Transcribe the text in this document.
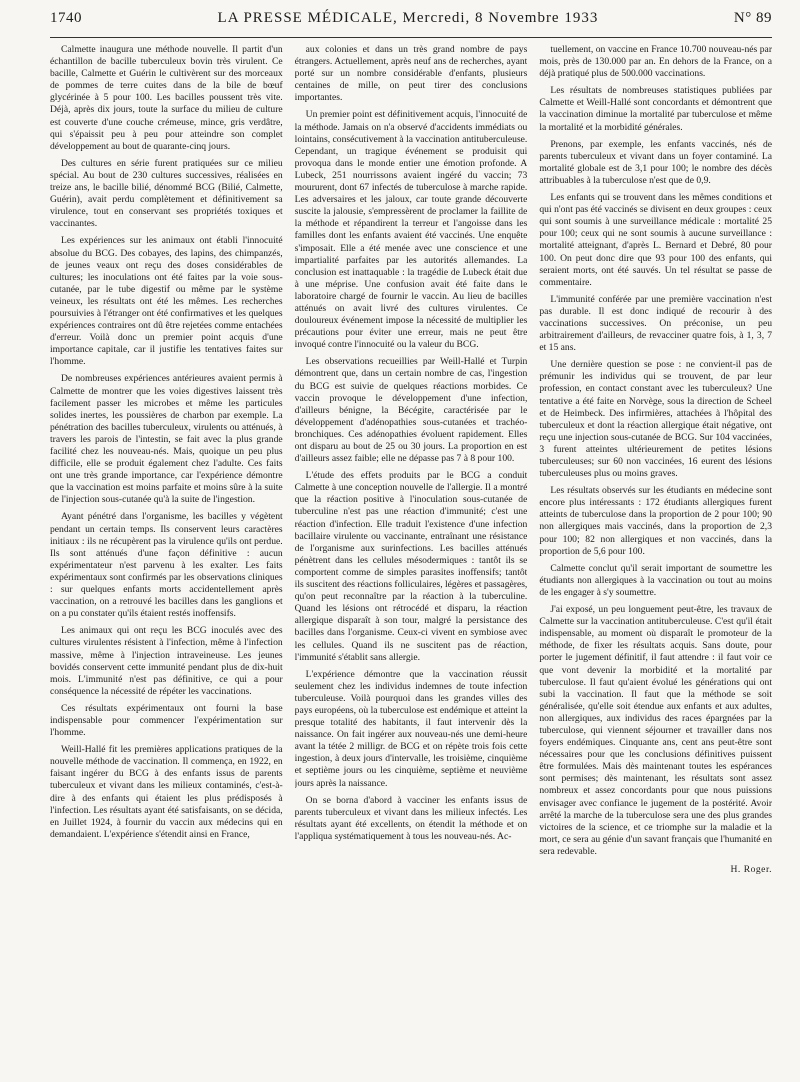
1740	LA PRESSE MÉDICALE, Mercredi, 8 Novembre 1933	N° 89

Calmette inaugura une méthode nouvelle. Il partit d'un échantillon de bacille tuberculeux bovin très virulent. Ce bacille, Calmette et Guérin le cultivèrent sur des morceaux de pommes de terre cuites dans de la bile de bœuf glycérinée à 5 pour 100. Les bacilles poussent très vite. Déjà, après dix jours, toute la surface du milieu de culture est couverte d'une couche crémeuse, mince, gris verdâtre, qui s'épaissit peu à peu pour atteindre son complet développement au bout de quarante-cinq jours.

Des cultures en série furent pratiquées sur ce milieu spécial. Au bout de 230 cultures successives, réalisées en treize ans, le bacille bilié, dénommé BCG (Bilié, Calmette, Guérin), avait perdu complètement et définitivement sa virulence, tout en conservant ses propriétés toxiques et vaccinantes.

Les expériences sur les animaux ont établi l'innocuité absolue du BCG. Des cobayes, des lapins, des chimpanzés, de jeunes veaux ont reçu des doses considérables de cultures; les inoculations ont été faites par la voie sous-cutanée, par le tube digestif ou même par le système veineux, les résultats ont été les mêmes. Les recherches poursuivies à l'étranger ont été confirmatives et les quelques expériences contraires ont dû être rejetées comme entachées d'erreur. Voilà donc un premier point acquis d'une importance capitale, car il justifie les tentatives faites sur l'homme.

De nombreuses expériences antérieures avaient permis à Calmette de montrer que les voies digestives laissent très facilement passer les microbes et même les particules solides inertes, les poussières de charbon par exemple. La pénétration des bacilles tuberculeux, virulents ou atténués, à travers les parois de l'intestin, se fait avec la plus grande facilité chez les nouveau-nés. Mais, quoique un peu plus difficile, elle se produit également chez l'adulte. Ces faits ont une très grande importance, car l'expérience démontre que la vaccination est moins parfaite et moins sûre à la suite de l'injection sous-cutanée qu'à la suite de l'ingestion.

Ayant pénétré dans l'organisme, les bacilles y végètent pendant un certain temps. Ils conservent leurs caractères initiaux : ils ne récupèrent pas la virulence qu'ils ont perdue. Ils sont atténués d'une façon définitive : aucun expérimentateur n'est parvenu à les exalter. Les faits expérimentaux sont confirmés par les observations cliniques : sur quelques enfants morts accidentellement après vaccination, on a retrouvé les bacilles dans les ganglions et on a pu constater qu'ils étaient restés inoffensifs.

Les animaux qui ont reçu les BCG inoculés avec des cultures virulentes résistent à l'infection, même à l'infection massive, même à l'injection intraveineuse. Les jeunes bovidés conservent cette immunité pendant plus de dix-huit mois. L'immunité n'est pas définitive, ce qui a pour conséquence la nécessité de répéter les vaccinations.

Ces résultats expérimentaux ont fourni la base indispensable pour commencer l'expérimentation sur l'homme.

Weill-Hallé fit les premières applications pratiques de la nouvelle méthode de vaccination. Il commença, en 1922, en faisant ingérer du BCG à des enfants issus de parents tuberculeux et vivant dans les milieux contaminés, c'est-à-dire à des enfants qui étaient les plus prédisposés à l'infection. Les résultats ayant été satisfaisants, on se décida, en Juillet 1924, à fournir du vaccin aux médecins qui en demandaient. L'expérience s'étendit ainsi en France,

aux colonies et dans un très grand nombre de pays étrangers. Actuellement, après neuf ans de recherches, ayant porté sur un nombre considérable d'enfants, plusieurs centaines de mille, on peut tirer des conclusions importantes.

Un premier point est définitivement acquis, l'innocuité de la méthode. Jamais on n'a observé d'accidents immédiats ou lointains, consécutivement à la vaccination antituberculeuse. Cependant, un tragique événement se produisit qui provoqua dans le monde entier une émotion profonde. A Lubeck, 251 nourrissons avaient ingéré du vaccin; 73 moururent, dont 67 infectés de tuberculose à marche rapide. Les adversaires et les jaloux, car toute grande découverte suscite la jalousie, s'empressèrent de proclamer la faillite de la méthode et répandirent la terreur et l'angoisse dans les familles dont les enfants avaient été vaccinés. Une enquête s'imposait. Elle a été menée avec une conscience et une impartialité parfaites par les autorités allemandes. La conclusion est inattaquable : la tragédie de Lubeck était due à une méprise. Une confusion avait été faite dans le laboratoire chargé de fournir le vaccin. Au lieu de bacilles atténués on avait livré des cultures virulentes. Ce douloureux événement impose la nécessité de multiplier les précautions pour éviter une erreur, mais ne peut être invoqué contre l'innocuité ou la valeur du BCG.

Les observations recueillies par Weill-Hallé et Turpin démontrent que, dans un certain nombre de cas, l'ingestion du BCG est suivie de quelques réactions morbides. Ce vaccin provoque le développement d'une infection, d'ailleurs bénigne, la Bécégite, caractérisée par le développement d'adénopathies sous-cutanées et trachéo-bronchiques. Ces adénopathies évoluent rapidement. Elles ont disparu au bout de 25 ou 30 jours. La proportion en est d'ailleurs assez faible; elle ne dépasse pas 7 à 8 pour 100.

L'étude des effets produits par le BCG a conduit Calmette à une conception nouvelle de l'allergie. Il a montré que la réaction positive à l'inoculation sous-cutanée de tuberculine n'est pas une réaction d'immunité; c'est une réaction d'infection. Elle traduit l'existence d'une infection bacillaire virulente ou vaccinante, entraînant une résistance de l'organisme aux surinfections. Les bacilles atténués pénètrent dans les cellules mésodermiques : tantôt ils se comportent comme de simples parasites inoffensifs; tantôt ils suscitent des réactions folliculaires, légères et passagères, qu'on peut reconnaître par la réaction à la tuberculine. Quand les lésions ont rétrocédé et disparu, la réaction allergique disparaît à son tour, malgré la persistance des bacilles dans l'organisme. Ceux-ci vivent en symbiose avec les cellules. Quand ils ne suscitent pas de réaction, l'immunité s'établit sans allergie.

L'expérience démontre que la vaccination réussit seulement chez les individus indemnes de toute infection tuberculeuse. Voilà pourquoi dans les grandes villes des pays européens, où la tuberculose est endémique et atteint la presque totalité des habitants, il faut intervenir dès la naissance. On fait ingérer aux nouveau-nés une demi-heure avant la tétée 2 milligr. de BCG et on répète trois fois cette ingestion, à deux jours d'intervalle, les troisième, cinquième et septième jours ou les cinquième, septième et neuvième jours après la naissance.

On se borna d'abord à vacciner les enfants issus de parents tuberculeux et vivant dans les milieux infectés. Les résultats ayant été excellents, on étendit la méthode et on l'appliqua systématiquement à tous les nouveau-nés. Ac-

tuellement, on vaccine en France 10.700 nouveau-nés par mois, près de 130.000 par an. En dehors de la France, on a déjà pratiqué plus de 500.000 vaccinations.

Les résultats de nombreuses statistiques publiées par Calmette et Weill-Hallé sont concordants et démontrent que la vaccination diminue la mortalité par tuberculose et même la mortalité et la morbidité générales.

Prenons, par exemple, les enfants vaccinés, nés de parents tuberculeux et vivant dans un foyer contaminé. La mortalité globale est de 3,1 pour 100; le nombre des décès attribuables à la tuberculose n'est que de 0,9.

Les enfants qui se trouvent dans les mêmes conditions et qui n'ont pas été vaccinés se divisent en deux groupes : ceux qui sont soumis à une surveillance médicale : mortalité 25 pour 100; ceux qui ne sont soumis à aucune surveillance : mortalité atteignant, d'après L. Bernard et Debré, 80 pour 100. On peut donc dire que 93 pour 100 des enfants, qui seraient morts, ont été sauvés. Un tel résultat se passe de commentaire.

L'immunité conférée par une première vaccination n'est pas durable. Il est donc indiqué de recourir à des vaccinations successives. On préconise, un peu arbitrairement d'ailleurs, de revacciner quatre fois, à 1, 3, 7 et 15 ans.

Une dernière question se pose : ne convient-il pas de prémunir les individus qui se trouvent, de par leur profession, en contact constant avec les tuberculeux? Une tentative a été faite en Norvège, sous la direction de Scheel et de Heimbeck. Des infirmières, attachées à l'hôpital des tuberculeux et dont la réaction allergique était négative, ont reçu une injection sous-cutanée de BCG. Sur 104 vaccinées, 3 furent atteintes ultérieurement de petites lésions tuberculeuses; sur 60 non vaccinées, 16 eurent des lésions tuberculeuses plus ou moins graves.

Les résultats observés sur les étudiants en médecine sont encore plus intéressants : 172 étudiants allergiques furent atteints de tuberculose dans la proportion de 2 pour 100; 90 non allergiques mais vaccinés, dans la proportion de 2,3 pour 100; 82 non allergiques et non vaccinés, dans la proportion de 5,6 pour 100.

Calmette conclut qu'il serait important de soumettre les étudiants non allergiques à la vaccination ou tout au moins de les engager à s'y soumettre.

J'ai exposé, un peu longuement peut-être, les travaux de Calmette sur la vaccination antituberculeuse. C'est qu'il était indispensable, au moment où disparaît le promoteur de la méthode, de fixer les résultats acquis. Sans doute, pour porter le jugement définitif, il faut attendre : il faut voir ce que vont devenir la morbidité et la mortalité par tuberculose. Il faut qu'aient évolué les générations qui ont subi la vaccination. Il faut que la méthode se soit généralisée, qu'elle soit étendue aux enfants et aux adultes, non allergiques, aux individus des races épargnées par la tuberculose, qui viennent séjourner et travailler dans nos foyers endémiques. Cinquante ans, cent ans peut-être sont nécessaires pour que les conclusions définitives puissent être formulées. Mais dès maintenant toutes les espérances sont permises; dès maintenant, les résultats sont assez nombreux et assez concordants pour que nous puissions envisager avec confiance le jugement de la postérité. Avoir arrêté la marche de la tuberculose sera une des plus grandes victoires de la science, et ce triomphe sur la maladie et la mort, ce sera au génie d'un savant français que l'humanité en sera redevable.

H. Roger.
